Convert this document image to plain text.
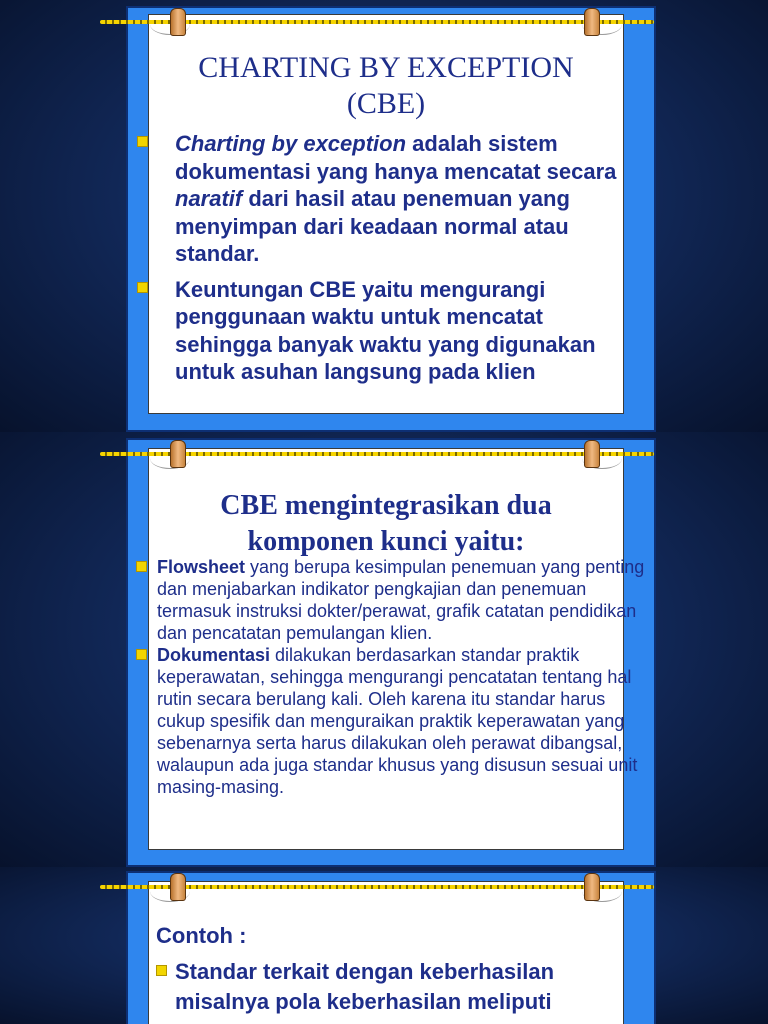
CHARTING BY EXCEPTION
(CBE)
Charting by exception adalah sistem dokumentasi yang hanya mencatat secara naratif dari hasil atau penemuan yang menyimpan dari keadaan normal atau standar.
Keuntungan CBE yaitu mengurangi penggunaan waktu untuk mencatat sehingga banyak waktu yang digunakan untuk asuhan langsung pada klien
CBE mengintegrasikan dua
komponen kunci yaitu:
Flowsheet yang berupa kesimpulan penemuan yang penting dan menjabarkan indikator pengkajian dan penemuan termasuk instruksi dokter/perawat, grafik catatan pendidikan dan pencatatan pemulangan klien.
Dokumentasi dilakukan berdasarkan standar praktik keperawatan, sehingga mengurangi pencatatan tentang hal rutin secara berulang kali. Oleh karena itu standar harus cukup spesifik dan menguraikan praktik keperawatan yang sebenarnya serta harus dilakukan oleh perawat dibangsal, walaupun ada juga standar khusus yang disusun sesuai unit masing-masing.
Contoh :
Standar terkait dengan keberhasilan misalnya pola keberhasilan meliputi
